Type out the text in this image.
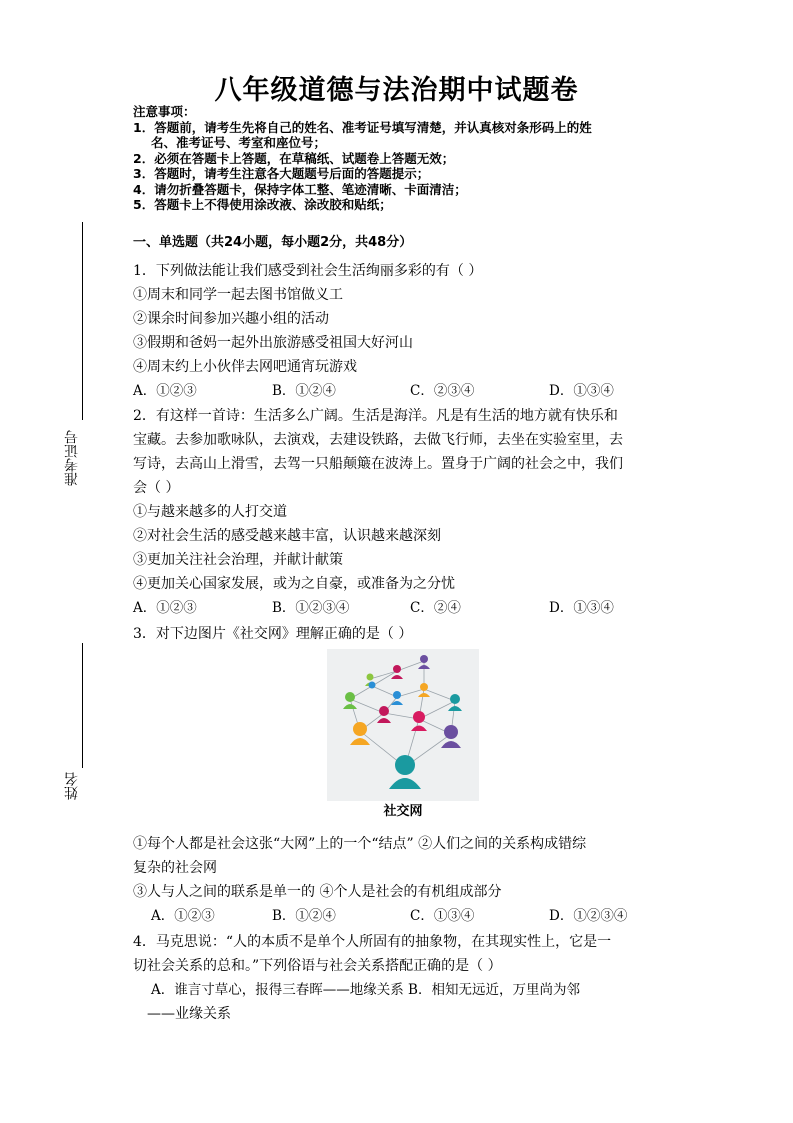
八年级道德与法治期中试题卷
注意事项：
1．答题前，请考生先将自己的姓名、准考证号填写清楚，并认真核对条形码上的姓
名、准考证号、考室和座位号；
2．必须在答题卡上答题，在草稿纸、试题卷上答题无效；
3．答题时，请考生注意各大题题号后面的答题提示；
4．请勿折叠答题卡，保持字体工整、笔迹清晰、卡面清洁；
5．答题卡上不得使用涂改液、涂改胶和贴纸；
准考证号
姓名
一、单选题（共24小题，每小题2分，共48分）
1．下列做法能让我们感受到社会生活绚丽多彩的有（ ）
①周末和同学一起去图书馆做义工
②课余时间参加兴趣小组的活动
③假期和爸妈一起外出旅游感受祖国大好河山
④周末约上小伙伴去网吧通宵玩游戏
A．①②③	B．①②④	C．②③④	D．①③④
2．有这样一首诗：生活多么广阔。生活是海洋。凡是有生活的地方就有快乐和
宝藏。去参加歌咏队，去演戏，去建设铁路，去做飞行师，去坐在实验室里，去
写诗，去高山上滑雪，去驾一只船颠簸在波涛上。置身于广阔的社会之中，我们
会（ ）
①与越来越多的人打交道
②对社会生活的感受越来越丰富，认识越来越深刻
③更加关注社会治理，并献计献策
④更加关心国家发展，或为之自豪，或准备为之分忧
A．①②③	B．①②③④	C．②④	D．①③④
3．对下边图片《社交网》理解正确的是（ ）
社交网
①每个人都是社会这张“大网”上的一个“结点” ②人们之间的关系构成错综
复杂的社会网
③人与人之间的联系是单一的 ④个人是社会的有机组成部分
A．①②③	B．①②④	C．①③④	D．①②③④
4．马克思说：“人的本质不是单个人所固有的抽象物，在其现实性上，它是一
切社会关系的总和。”下列俗语与社会关系搭配正确的是（ ）
A．谁言寸草心，报得三春晖——地缘关系 B．相知无远近，万里尚为邻
——业缘关系
